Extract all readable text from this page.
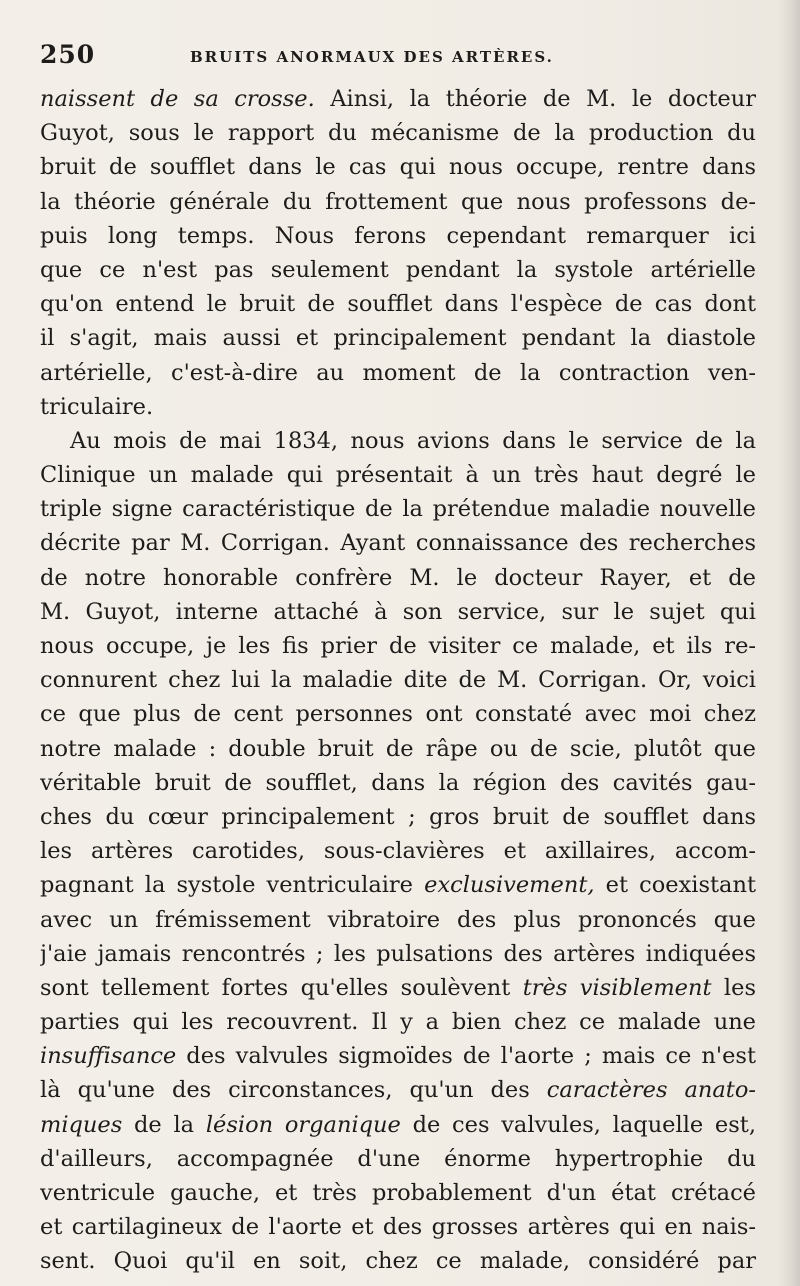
250	BRUITS ANORMAUX DES ARTÈRES.
naissent de sa crosse. Ainsi, la théorie de M. le docteur
Guyot, sous le rapport du mécanisme de la production du
bruit de soufflet dans le cas qui nous occupe, rentre dans
la théorie générale du frottement que nous professons de-
puis long temps. Nous ferons cependant remarquer ici
que ce n'est pas seulement pendant la systole artérielle
qu'on entend le bruit de soufflet dans l'espèce de cas dont
il s'agit, mais aussi et principalement pendant la diastole
artérielle, c'est-à-dire au moment de la contraction ven-
triculaire.
Au mois de mai 1834, nous avions dans le service de la
Clinique un malade qui présentait à un très haut degré le
triple signe caractéristique de la prétendue maladie nouvelle
décrite par M. Corrigan. Ayant connaissance des recherches
de notre honorable confrère M. le docteur Rayer, et de
M. Guyot, interne attaché à son service, sur le sujet qui
nous occupe, je les fis prier de visiter ce malade, et ils re-
connurent chez lui la maladie dite de M. Corrigan. Or, voici
ce que plus de cent personnes ont constaté avec moi chez
notre malade : double bruit de râpe ou de scie, plutôt que
véritable bruit de soufflet, dans la région des cavités gau-
ches du cœur principalement ; gros bruit de soufflet dans
les artères carotides, sous-clavières et axillaires, accom-
pagnant la systole ventriculaire exclusivement, et coexistant
avec un frémissement vibratoire des plus prononcés que
j'aie jamais rencontrés ; les pulsations des artères indiquées
sont tellement fortes qu'elles soulèvent très visiblement les
parties qui les recouvrent. Il y a bien chez ce malade une
insuffisance des valvules sigmoïdes de l'aorte ; mais ce n'est
là qu'une des circonstances, qu'un des caractères anato-
miques de la lésion organique de ces valvules, laquelle est,
d'ailleurs, accompagnée d'une énorme hypertrophie du
ventricule gauche, et très probablement d'un état crétacé
et cartilagineux de l'aorte et des grosses artères qui en nais-
sent. Quoi qu'il en soit, chez ce malade, considéré par
